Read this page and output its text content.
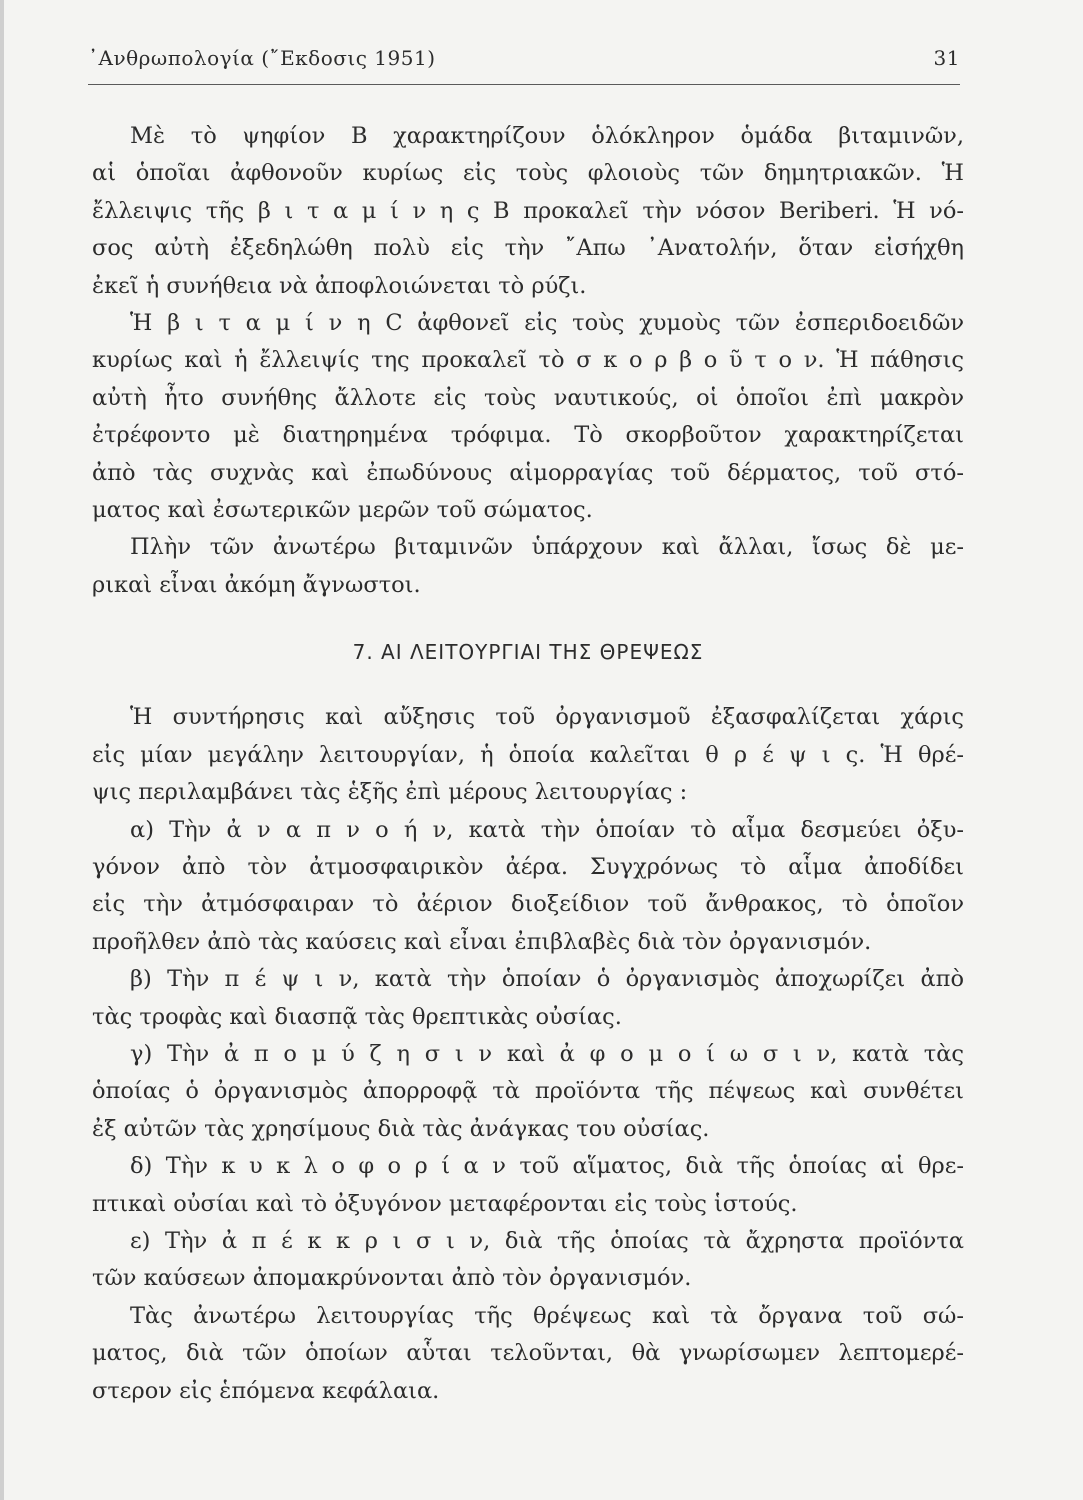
᾿Ανθρωπολογία (῎Εκδοσις 1951)	31
Μὲ τὸ ψηφίον Β χαρακτηρίζουν ὁλόκληρον ὁμάδα βιταμινῶν,
αἱ ὁποῖαι ἀφθονοῦν κυρίως εἰς τοὺς φλοιοὺς τῶν δημητριακῶν. Ἡ
ἔλλειψις τῆς β ι τ α μ ί ν η ς Β προκαλεῖ τὴν νόσον Beriberi. Ἡ νό-
σος αὐτὴ ἐξεδηλώθη πολὺ εἰς τὴν ῎Απω ᾿Ανατολήν, ὅταν εἰσήχθη
ἐκεῖ ἡ συνήθεια νὰ ἀποφλοιώνεται τὸ ρύζι.
Ἡ β ι τ α μ ί ν η C ἀφθονεῖ εἰς τοὺς χυμοὺς τῶν ἐσπεριδοειδῶν
κυρίως καὶ ἡ ἔλλειψίς της προκαλεῖ τὸ σ κ ο ρ β ο ῦ τ ο ν. Ἡ πάθησις
αὐτὴ ἦτο συνήθης ἄλλοτε εἰς τοὺς ναυτικούς, οἱ ὁποῖοι ἐπὶ μακρὸν
ἐτρέφοντο μὲ διατηρημένα τρόφιμα. Τὸ σκορβοῦτον χαρακτηρίζεται
ἀπὸ τὰς συχνὰς καὶ ἐπωδύνους αἱμορραγίας τοῦ δέρματος, τοῦ στό-
ματος καὶ ἐσωτερικῶν μερῶν τοῦ σώματος.
Πλὴν τῶν ἀνωτέρω βιταμινῶν ὑπάρχουν καὶ ἄλλαι, ἴσως δὲ με-
ρικαὶ εἶναι ἀκόμη ἄγνωστοι.
7. ΑΙ ΛΕΙΤΟΥΡΓΙΑΙ ΤΗΣ ΘΡΕΨΕΩΣ
Ἡ συντήρησις καὶ αὔξησις τοῦ ὀργανισμοῦ ἐξασφαλίζεται χάρις
εἰς μίαν μεγάλην λειτουργίαν, ἡ ὁποία καλεῖται θ ρ έ ψ ι ς. Ἡ θρέ-
ψις περιλαμβάνει τὰς ἑξῆς ἐπὶ μέρους λειτουργίας :
α) Τὴν ἀ ν α π ν ο ή ν, κατὰ τὴν ὁποίαν τὸ αἷμα δεσμεύει ὀξυ-
γόνον ἀπὸ τὸν ἀτμοσφαιρικὸν ἀέρα. Συγχρόνως τὸ αἷμα ἀποδίδει
εἰς τὴν ἀτμόσφαιραν τὸ ἀέριον διοξείδιον τοῦ ἄνθρακος, τὸ ὁποῖον
προῆλθεν ἀπὸ τὰς καύσεις καὶ εἶναι ἐπιβλαβὲς διὰ τὸν ὀργανισμόν.
β) Τὴν π έ ψ ι ν, κατὰ τὴν ὁποίαν ὁ ὀργανισμὸς ἀποχωρίζει ἀπὸ
τὰς τροφὰς καὶ διασπᾷ τὰς θρεπτικὰς οὐσίας.
γ) Τὴν ἀ π ο μ ύ ζ η σ ι ν καὶ ἀ φ ο μ ο ί ω σ ι ν, κατὰ τὰς
ὁποίας ὁ ὀργανισμὸς ἀπορροφᾷ τὰ προϊόντα τῆς πέψεως καὶ συνθέτει
ἐξ αὐτῶν τὰς χρησίμους διὰ τὰς ἀνάγκας του οὐσίας.
δ) Τὴν κ υ κ λ ο φ ο ρ ί α ν τοῦ αἵματος, διὰ τῆς ὁποίας αἱ θρε-
πτικαὶ οὐσίαι καὶ τὸ ὀξυγόνον μεταφέρονται εἰς τοὺς ἱστούς.
ε) Τὴν ἀ π έ κ κ ρ ι σ ι ν, διὰ τῆς ὁποίας τὰ ἄχρηστα προϊόντα
τῶν καύσεων ἀπομακρύνονται ἀπὸ τὸν ὀργανισμόν.
Τὰς ἀνωτέρω λειτουργίας τῆς θρέψεως καὶ τὰ ὄργανα τοῦ σώ-
ματος, διὰ τῶν ὁποίων αὗται τελοῦνται, θὰ γνωρίσωμεν λεπτομερέ-
στερον εἰς ἑπόμενα κεφάλαια.
